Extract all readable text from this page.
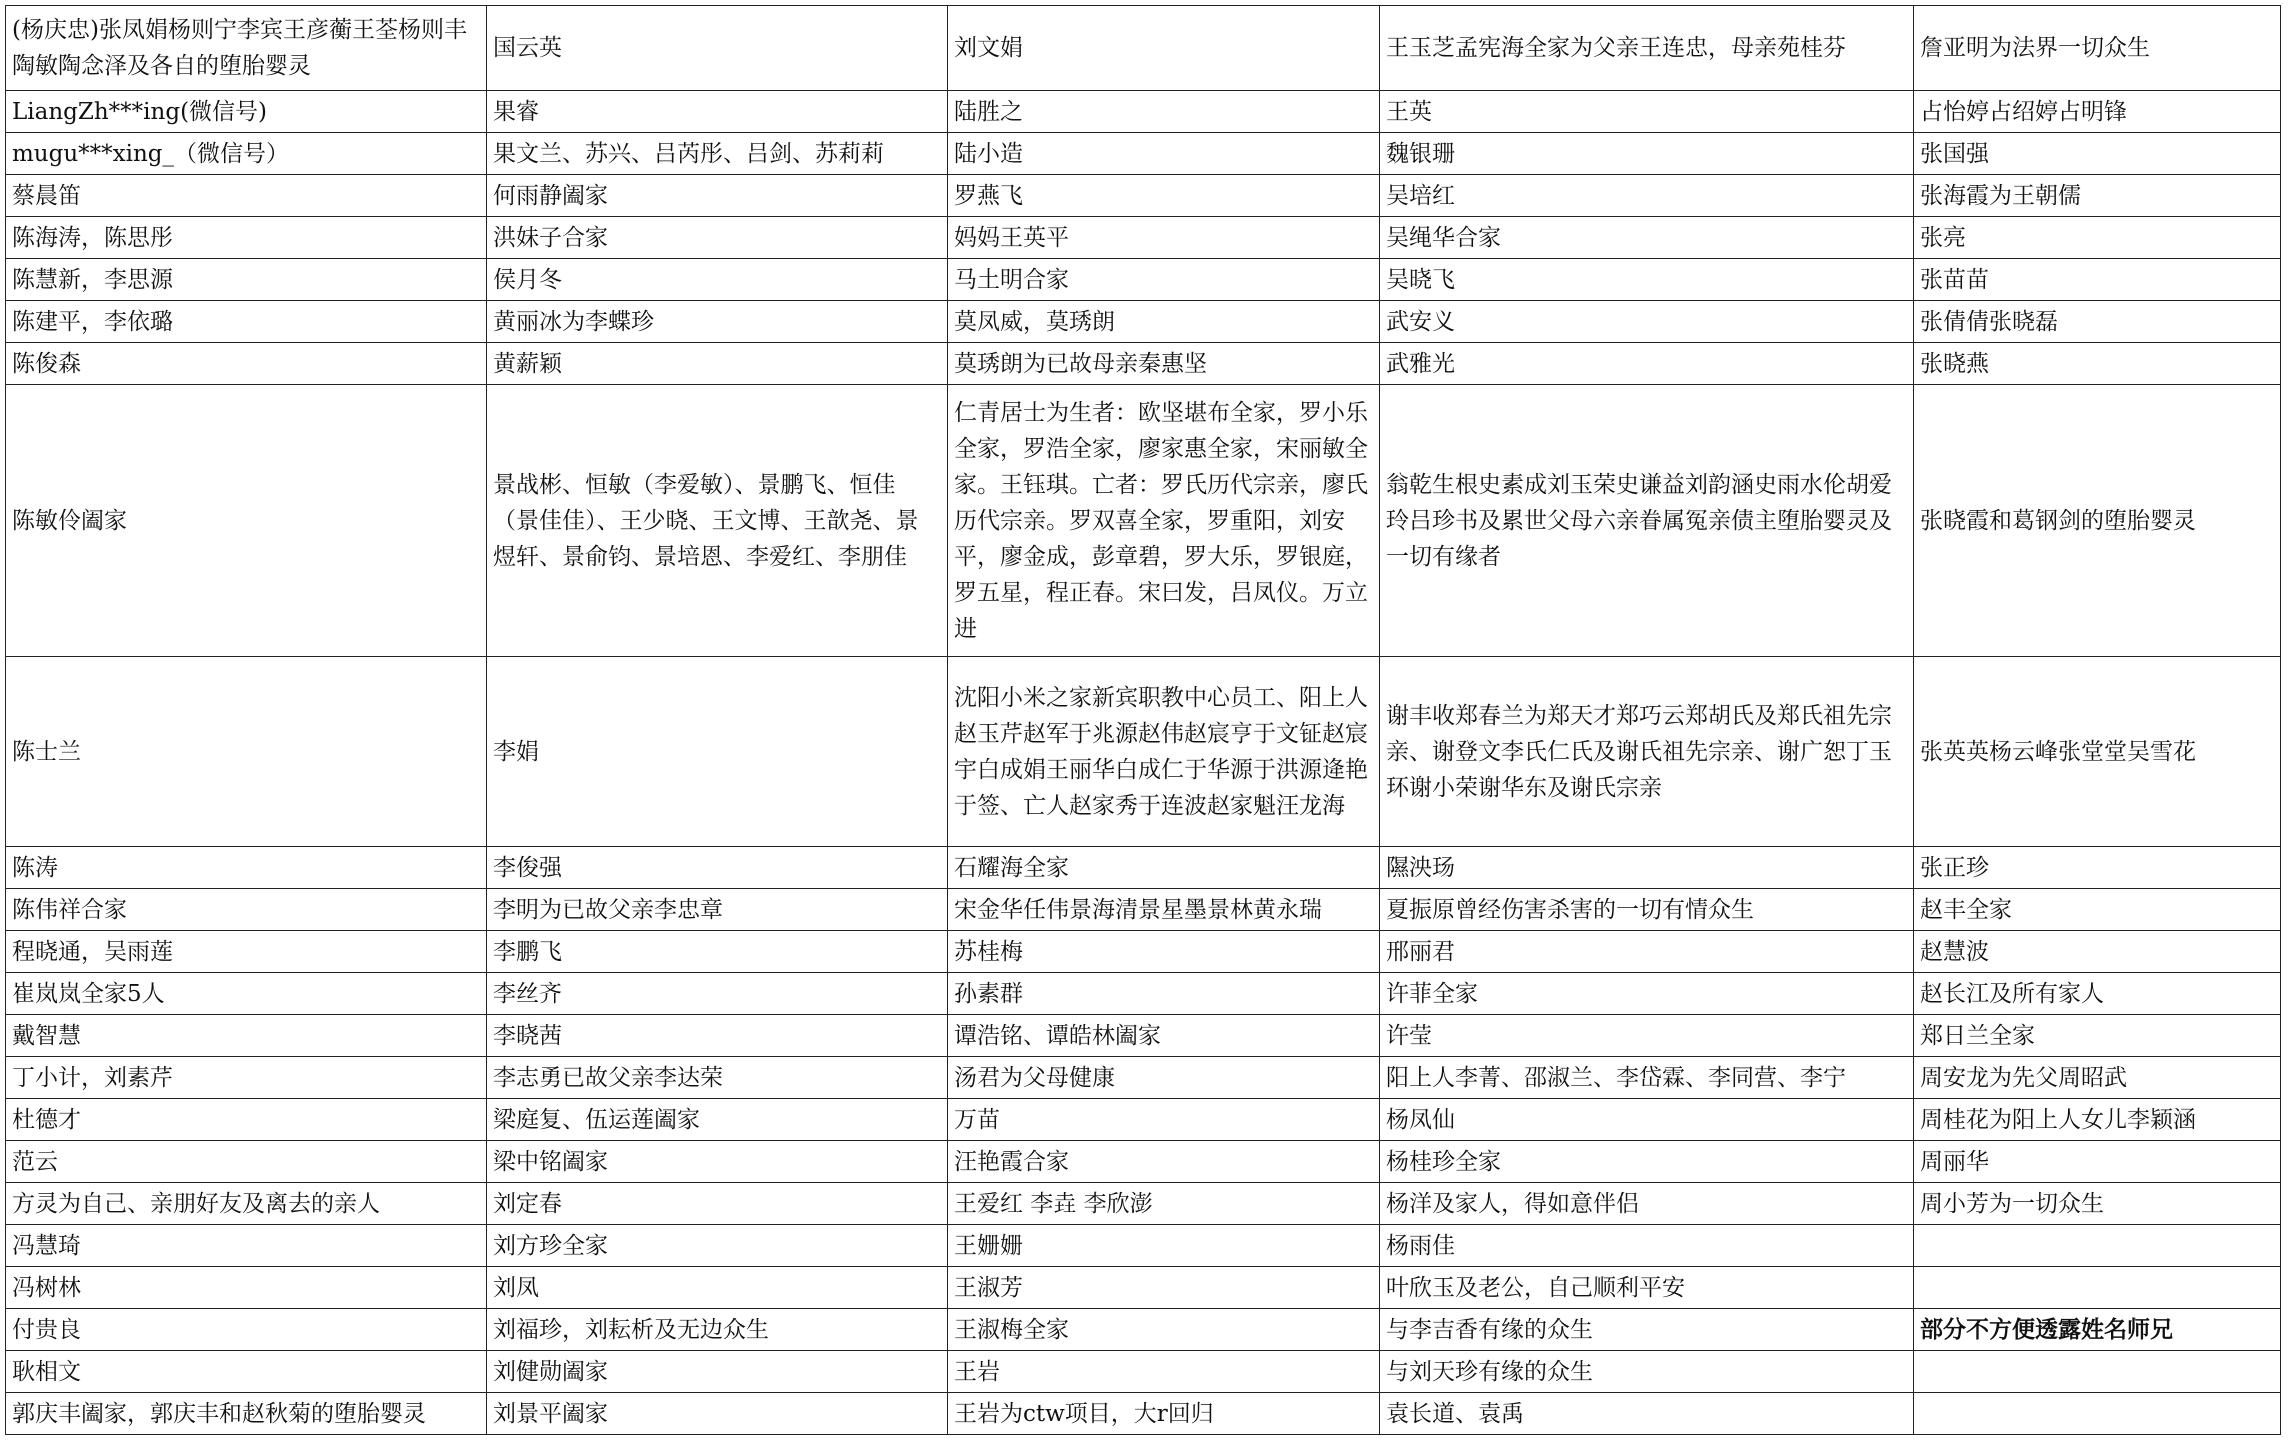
(杨庆忠)张凤娟杨则宁李宾王彦蘅王荃杨则丰陶敏陶念泽及各自的堕胎婴灵	国云英	刘文娟	王玉芝孟宪海全家为父亲王连忠，母亲苑桂芬	詹亚明为法界一切众生
LiangZh***ing(微信号)	果睿	陆胜之	王英	占怡婷占绍婷占明锋
mugu***xing_（微信号）	果文兰、苏兴、吕芮彤、吕剑、苏莉莉	陆小造	魏银珊	张国强
蔡晨笛	何雨静阖家	罗燕飞	吴培红	张海霞为王朝儒
陈海涛，陈思彤	洪妹子合家	妈妈王英平	吴绳华合家	张亮
陈慧新，李思源	侯月冬	马土明合家	吴晓飞	张苗苗
陈建平，李依璐	黄丽冰为李蝶珍	莫凤威，莫琇朗	武安义	张倩倩张晓磊
陈俊森	黄薪颖	莫琇朗为已故母亲秦惠坚	武雅光	张晓燕
陈敏伶阖家	景战彬、恒敏（李爱敏）、景鹏飞、恒佳（景佳佳）、王少晓、王文博、王歆尧、景煜轩、景俞钧、景培恩、李爱红、李朋佳	仁青居士为生者：欧坚堪布全家，罗小乐全家，罗浩全家，廖家惠全家，宋丽敏全家。王钰琪。亡者：罗氏历代宗亲，廖氏历代宗亲。罗双喜全家，罗重阳，刘安平，廖金成，彭章碧，罗大乐，罗银庭，罗五星，程正春。宋曰发，吕凤仪。万立进	翁乾生根史素成刘玉荣史谦益刘韵涵史雨水伦胡爱玲吕珍书及累世父母六亲眷属冤亲债主堕胎婴灵及一切有缘者	张晓霞和葛钢剑的堕胎婴灵
陈士兰	李娟	沈阳小米之家新宾职教中心员工、阳上人赵玉芹赵军于兆源赵伟赵宸亨于文钲赵宸宇白成娟王丽华白成仁于华源于洪源逄艳于签、亡人赵家秀于连波赵家魁汪龙海	谢丰收郑春兰为郑天才郑巧云郑胡氏及郑氏祖先宗亲、谢登文李氏仁氏及谢氏祖先宗亲、谢广恕丁玉环谢小荣谢华东及谢氏宗亲	张英英杨云峰张堂堂吴雪花
陈涛	李俊强	石耀海全家	隰泱玚	张正珍
陈伟祥合家	李明为已故父亲李忠章	宋金华任伟景海清景星墨景林黄永瑞	夏振原曾经伤害杀害的一切有情众生	赵丰全家
程晓通，吴雨莲	李鹏飞	苏桂梅	邢丽君	赵慧波
崔岚岚全家5人	李丝齐	孙素群	许菲全家	赵长江及所有家人
戴智慧	李晓茜	谭浩铭、谭皓林阖家	许莹	郑日兰全家
丁小计，刘素芹	李志勇已故父亲李达荣	汤君为父母健康	阳上人李菁、邵淑兰、李岱霖、李同营、李宁	周安龙为先父周昭武
杜德才	梁庭复、伍运莲阖家	万苗	杨凤仙	周桂花为阳上人女儿李颖涵
范云	梁中铭阖家	汪艳霞合家	杨桂珍全家	周丽华
方灵为自己、亲朋好友及离去的亲人	刘定春	王爱红 李垚 李欣澎	杨洋及家人，得如意伴侣	周小芳为一切众生
冯慧琦	刘方珍全家	王姗姗	杨雨佳	
冯树林	刘凤	王淑芳	叶欣玉及老公，自己顺利平安	
付贵良	刘福珍，刘耘析及无边众生	王淑梅全家	与李吉香有缘的众生	部分不方便透露姓名师兄
耿相文	刘健勋阖家	王岩	与刘天珍有缘的众生	
郭庆丰阖家，郭庆丰和赵秋菊的堕胎婴灵	刘景平阖家	王岩为ctw项目，大r回归	袁长道、袁禹	
